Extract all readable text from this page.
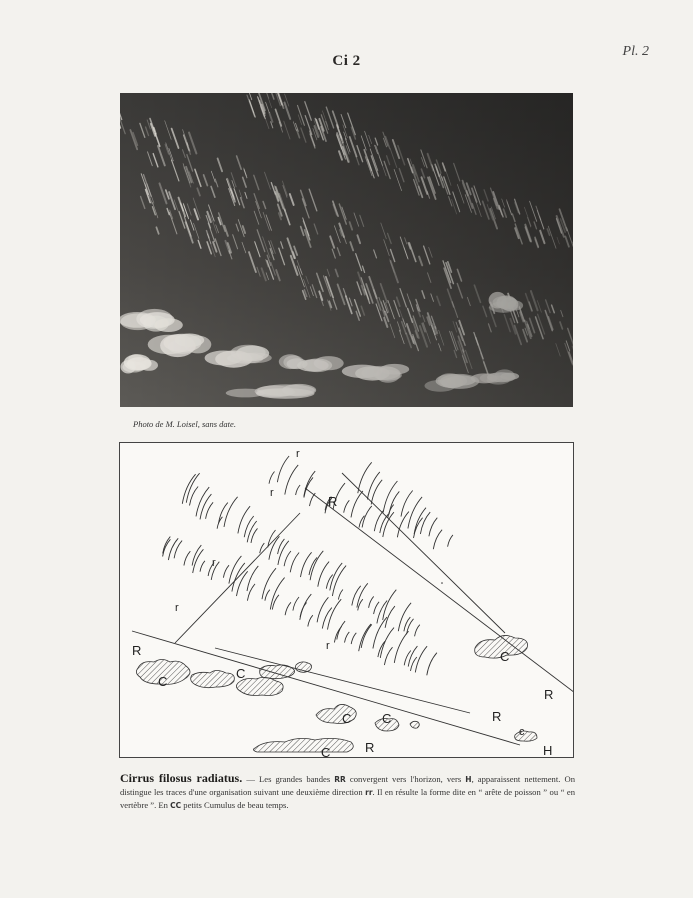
Ci 2
Pl. 2
Photo de M. Loisel, sans date.
r
r
r
r
r
R
R
R
R
R
C
C
C
C C
C
c
H
Cirrus filosus radiatus. — Les grandes bandes RR convergent vers l'horizon, vers H, apparaissent nettement. On distingue les traces d'une organisation suivant une deuxième direction rr. Il en résulte la forme dite en “ arête de poisson ” ou “ en vertèbre ”. En CC petits Cumulus de beau temps.
